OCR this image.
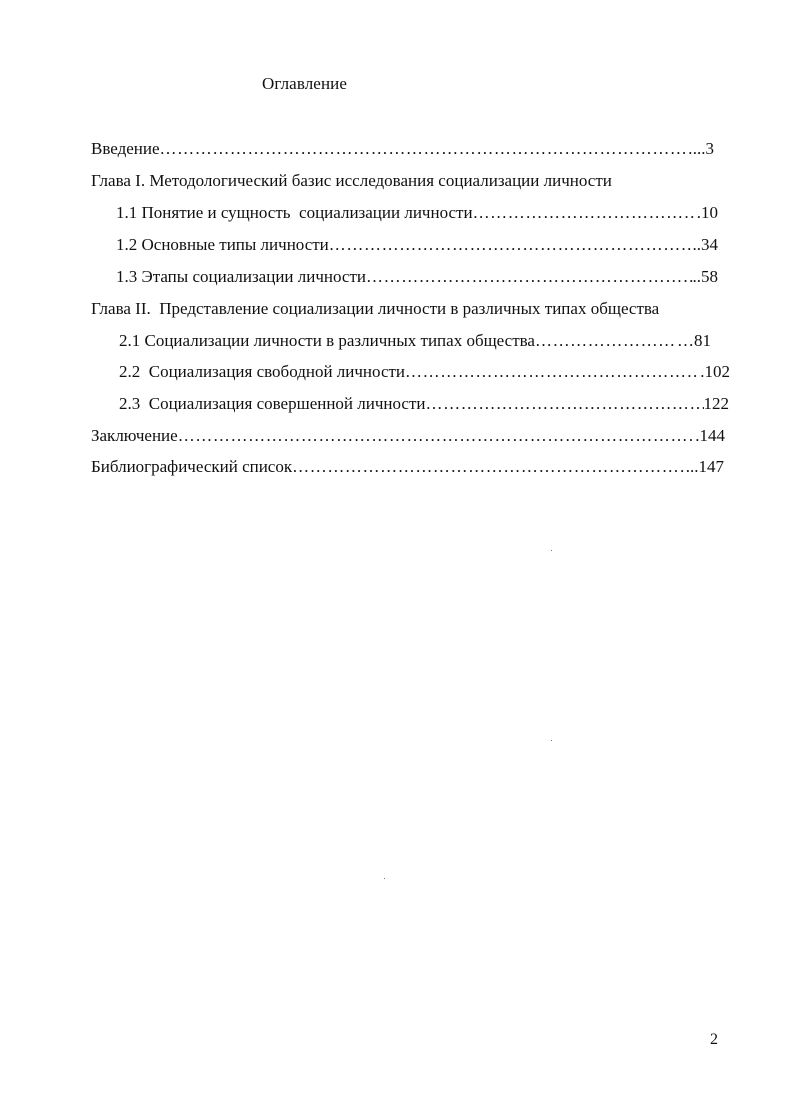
Оглавление
Введение …………………………………………………………………………………………………………………………………………	...3
Глава I. Методологический базис исследования социализации личности
1.1 Понятие и сущность  социализации личности …………………………………………………………………………………………………………………………………………	.10
1.2 Основные типы личности …………………………………………………………………………………………………………………………………………	..34
1.3 Этапы социализации личности …………………………………………………………………………………………………………………………………………	..58
Глава II.  Представление социализации личности в различных типах общества
2.1 Социализации личности в различных типах общества …………………………………………………………………………………………………………………………………………	…81
2.2  Социализация свободной личности …………………………………………………………………………………………………………………………………………	.102
2.3  Социализация совершенной личности …………………………………………………………………………………………………………………………………………	122
Заключение …………………………………………………………………………………………………………………………………………	.144
Библиографический список …………………………………………………………………………………………………………………………………………	..147
2
